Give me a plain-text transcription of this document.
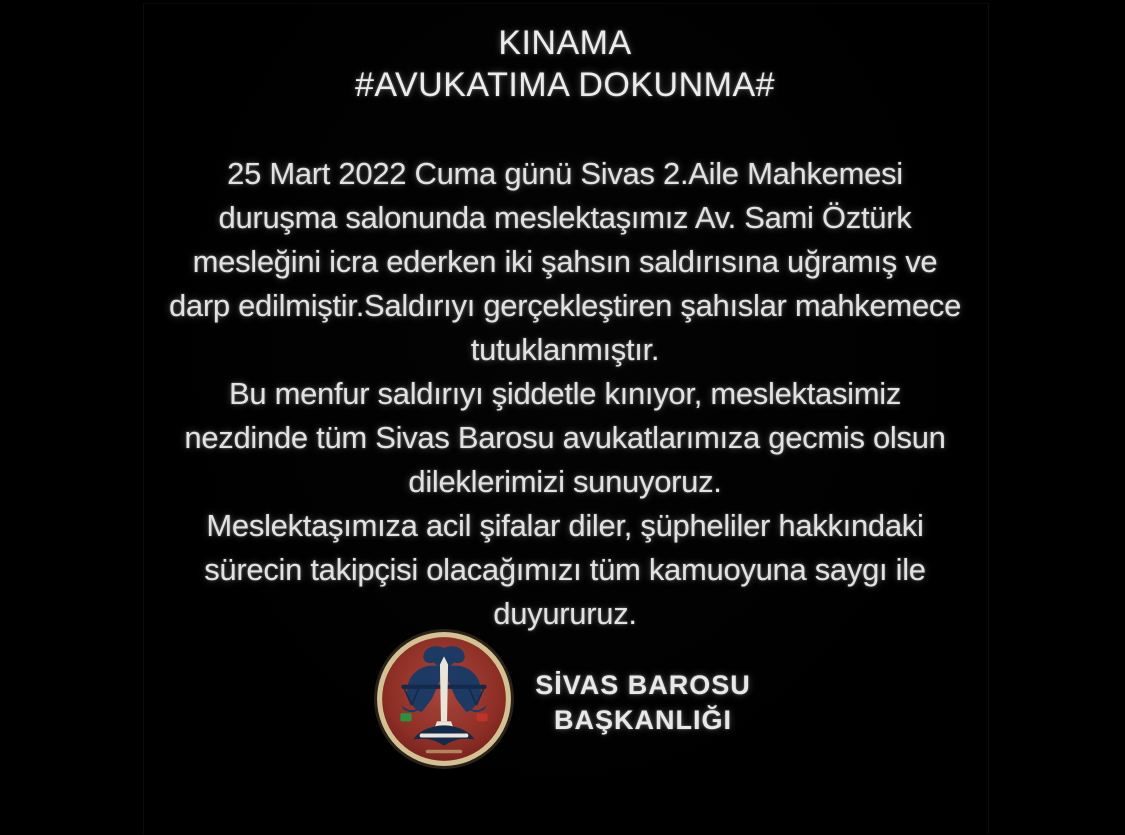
KINAMA
#AVUKATIMA DOKUNMA#
25 Mart 2022 Cuma günü Sivas 2.Aile Mahkemesi
duruşma salonunda meslektaşımız Av. Sami Öztürk
mesleğini icra ederken iki şahsın saldırısına uğramış ve
darp edilmiştir.Saldırıyı gerçekleştiren şahıslar mahkemece
tutuklanmıştır.
Bu menfur saldırıyı şiddetle kınıyor, meslektasimiz
nezdinde tüm Sivas Barosu avukatlarımıza gecmis olsun
dileklerimizi sunuyoruz.
Meslektaşımıza acil şifalar diler, şüpheliler hakkındaki
sürecin takipçisi olacağımızı tüm kamuoyuna saygı ile
duyururuz.
SİVAS BAROSU
BAŞKANLIĞI
